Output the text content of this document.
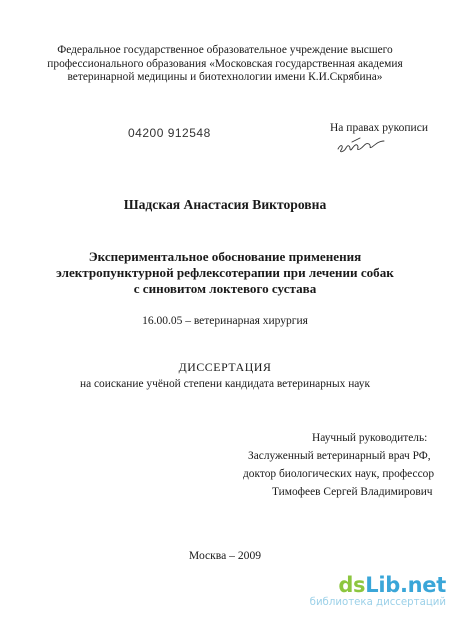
Федеральное государственное образовательное учреждение высшего
профессионального образования «Московская государственная академия
ветеринарной медицины и биотехнологии имени К.И.Скрябина»
04200 912548	На правах рукописи
Шадская Анастасия Викторовна
Экспериментальное обоснование применения
электропунктурной рефлексотерапии при лечении собак
с синовитом локтевого сустава
16.00.05 – ветеринарная хирургия
ДИССЕРТАЦИЯ
на соискание учёной степени кандидата ветеринарных наук
Научный руководитель:
Заслуженный ветеринарный врач РФ,
доктор биологических наук, профессор
Тимофеев Сергей Владимирович
Москва – 2009
dsLib.net
библиотека диссертаций
